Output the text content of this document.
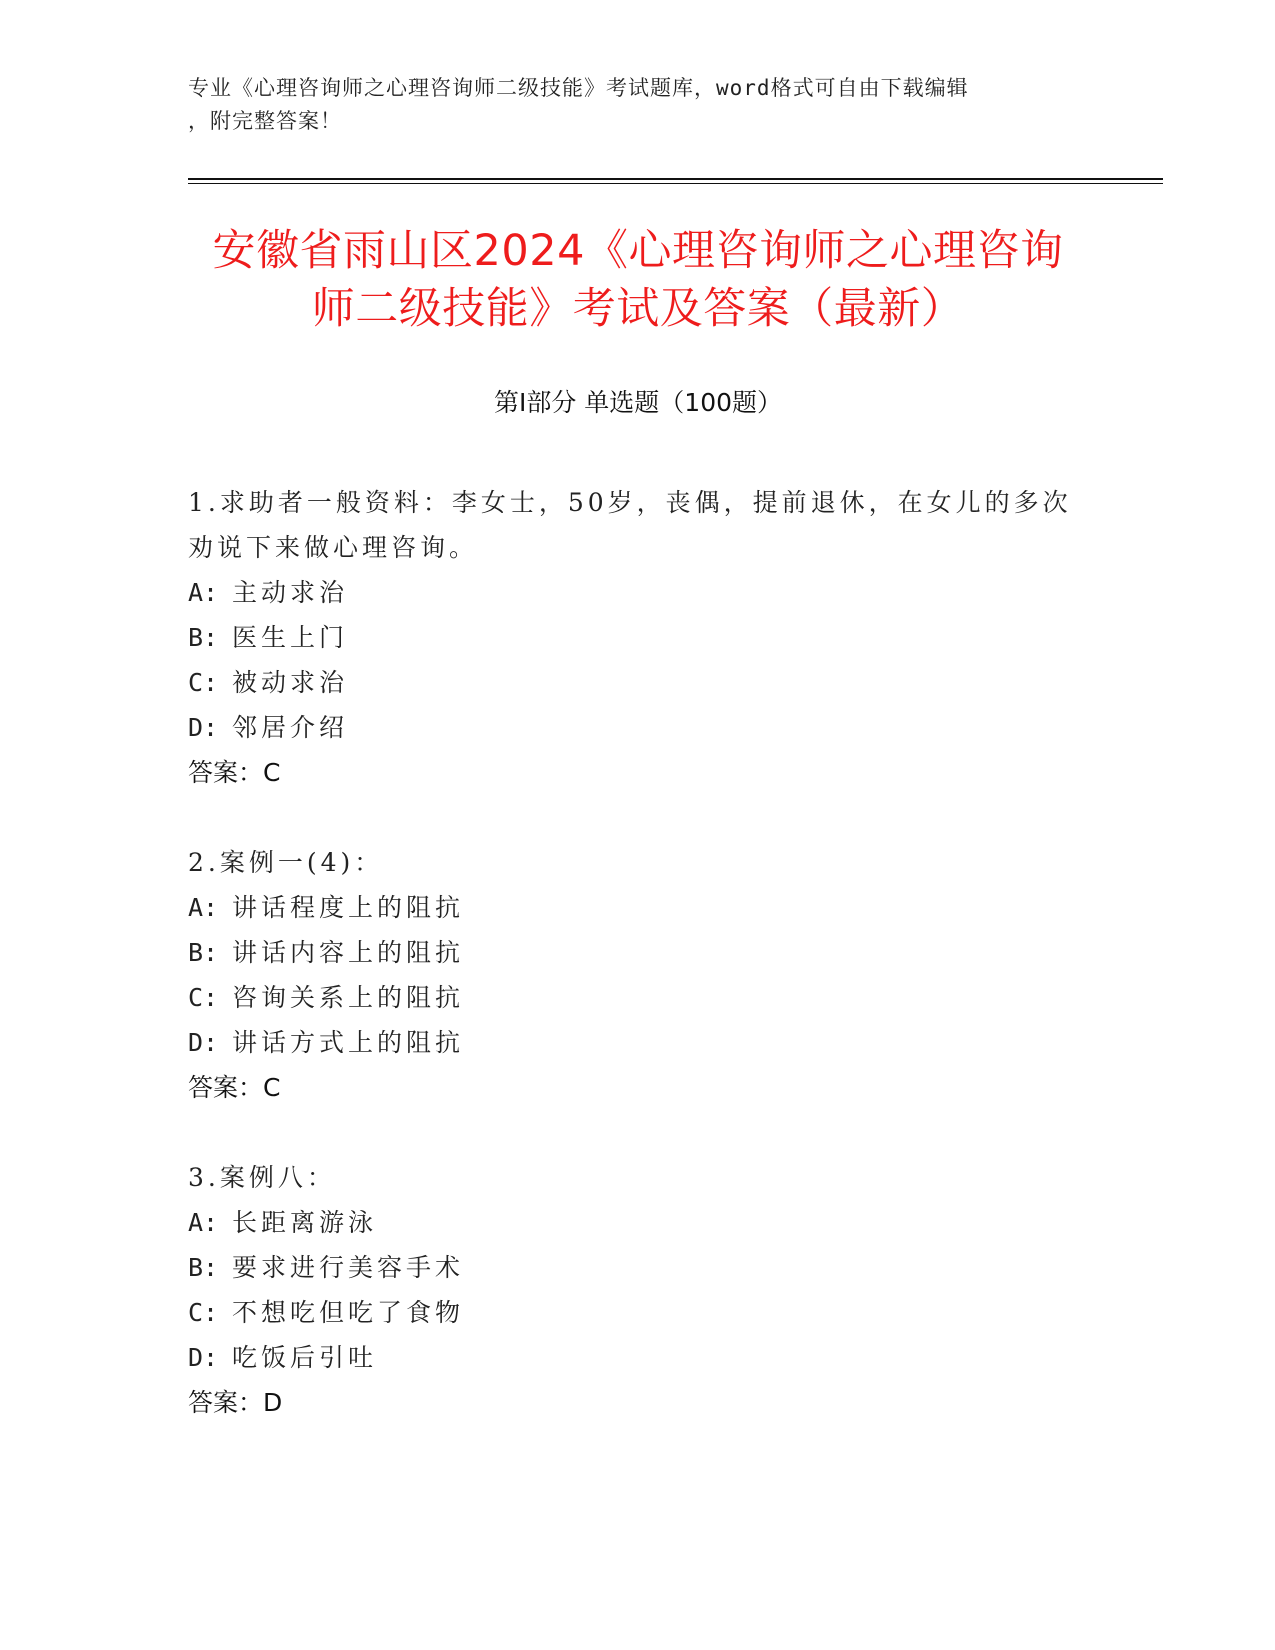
专业《心理咨询师之心理咨询师二级技能》考试题库，word格式可自由下载编辑
，附完整答案！
安徽省雨山区2024《心理咨询师之心理咨询
师二级技能》考试及答案（最新）
第Ⅰ部分 单选题（100题）

1.求助者一般资料：李女士，50岁，丧偶，提前退休，在女儿的多次劝说下来做心理咨询。

A: 主动求治

B: 医生上门

C: 被动求治

D: 邻居介绍

答案：C

2.案例一(4)：

A: 讲话程度上的阻抗

B: 讲话内容上的阻抗

C: 咨询关系上的阻抗

D: 讲话方式上的阻抗

答案：C

3.案例八：

A: 长距离游泳

B: 要求进行美容手术

C: 不想吃但吃了食物

D: 吃饭后引吐

答案：D
